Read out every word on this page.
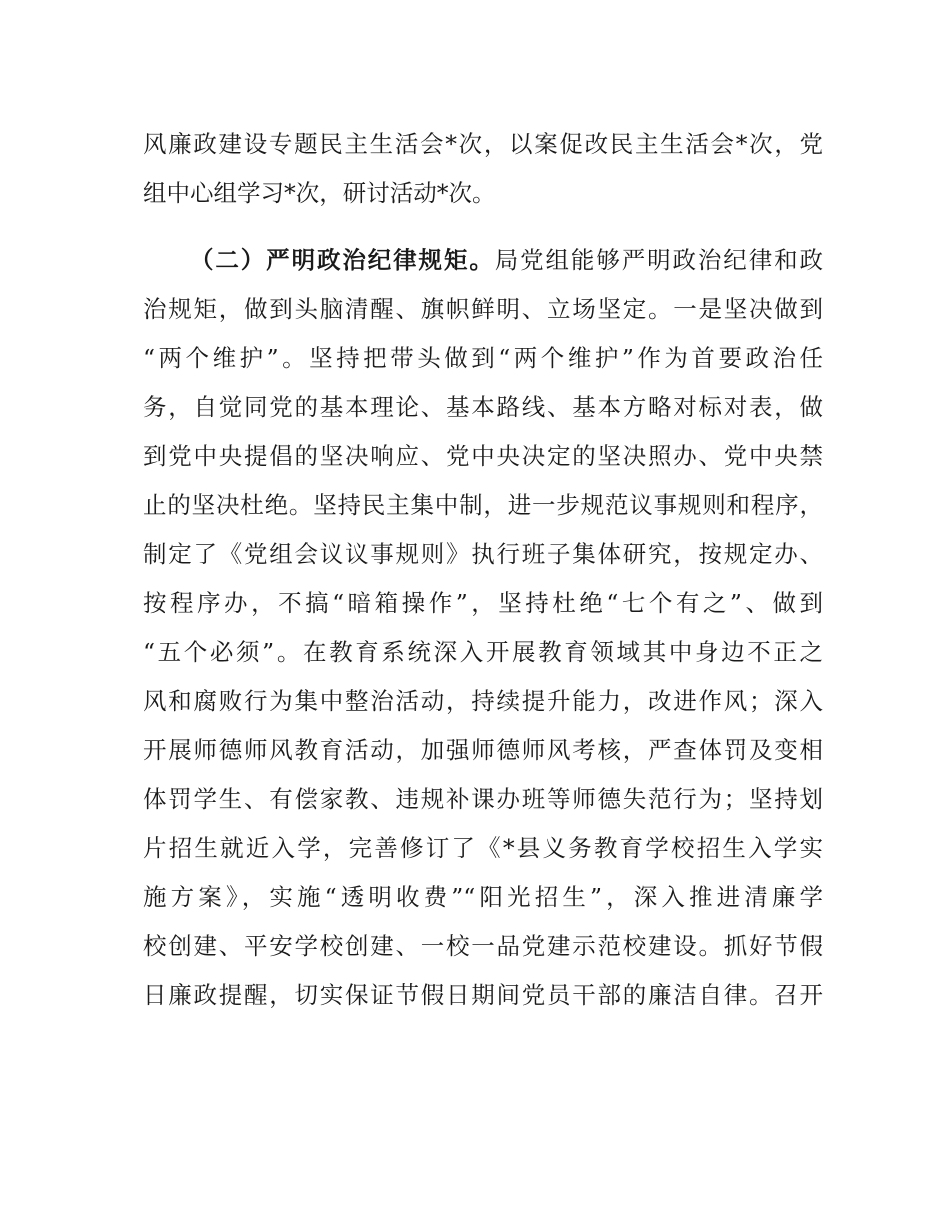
风廉政建设专题民主生活会*次，以案促改民主生活会*次，党
组中心组学习*次，研讨活动*次。
（二）严明政治纪律规矩。局党组能够严明政治纪律和政
治规矩，做到头脑清醒、旗帜鲜明、立场坚定。一是坚决做到
“两个维护”。坚持把带头做到“两个维护”作为首要政治任
务，自觉同党的基本理论、基本路线、基本方略对标对表，做
到党中央提倡的坚决响应、党中央决定的坚决照办、党中央禁
止的坚决杜绝。坚持民主集中制，进一步规范议事规则和程序，
制定了《党组会议议事规则》执行班子集体研究，按规定办、
按程序办，不搞“暗箱操作”，坚持杜绝“七个有之”、做到
“五个必须”。在教育系统深入开展教育领域其中身边不正之
风和腐败行为集中整治活动，持续提升能力，改进作风；深入
开展师德师风教育活动，加强师德师风考核，严查体罚及变相
体罚学生、有偿家教、违规补课办班等师德失范行为；坚持划
片招生就近入学，完善修订了《*县义务教育学校招生入学实
施方案》，实施“透明收费”“阳光招生”，深入推进清廉学
校创建、平安学校创建、一校一品党建示范校建设。抓好节假
日廉政提醒，切实保证节假日期间党员干部的廉洁自律。召开
